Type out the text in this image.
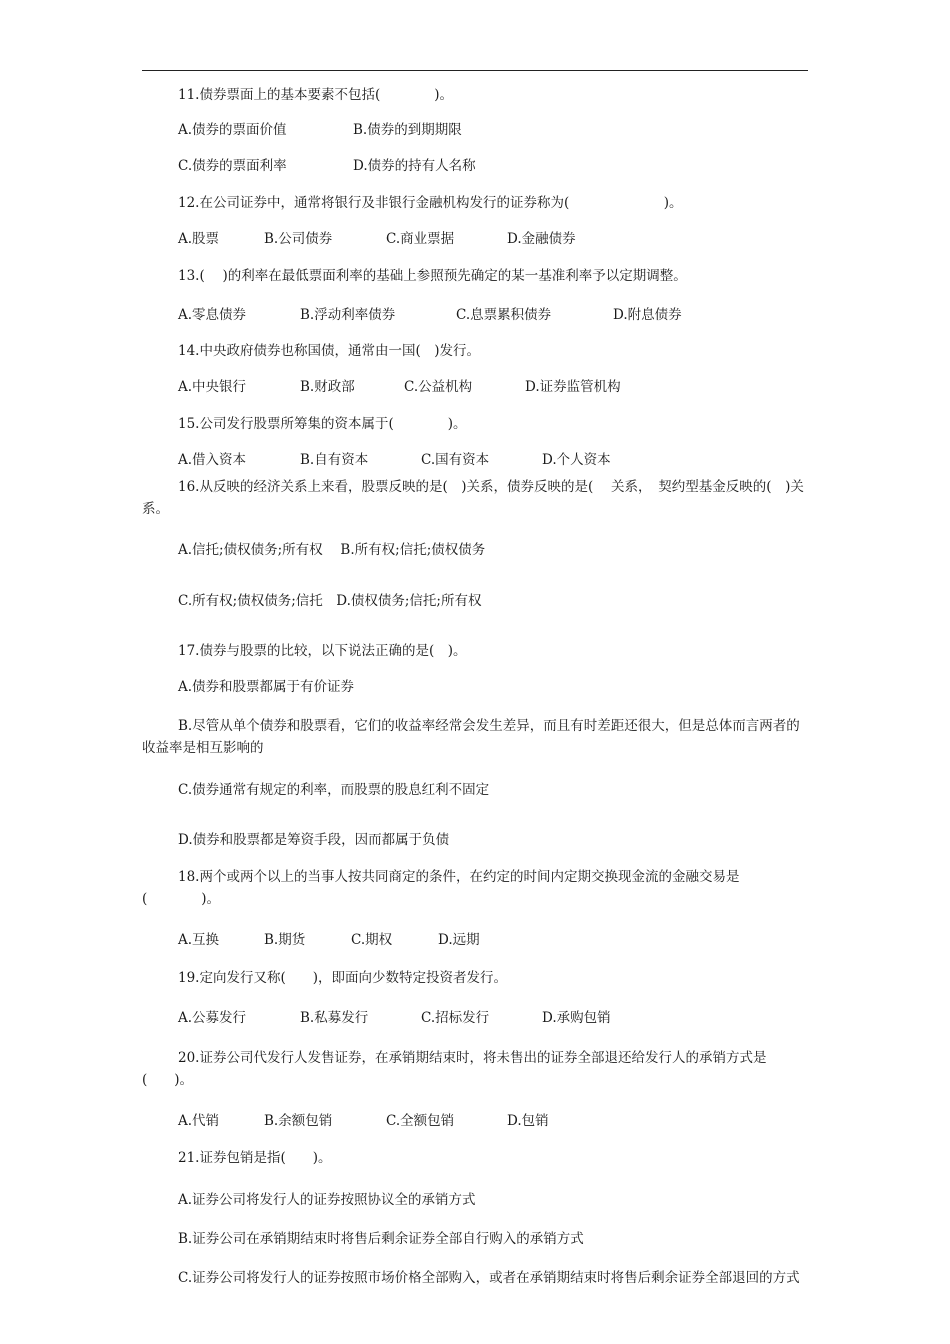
11.债券票面上的基本要素不包括(　　　　)。
A.债券的票面价值	B.债券的到期期限
C.债券的票面利率	D.债券的持有人名称
12.在公司证券中，通常将银行及非银行金融机构发行的证券称为(　　　　　　　)。
A.股票	B.公司债券	C.商业票据	D.金融债券
13.(　 )的利率在最低票面利率的基础上参照预先确定的某一基准利率予以定期调整。
A.零息债券	B.浮动利率债券	C.息票累积债券	D.附息债券
14.中央政府债券也称国债，通常由一国(　)发行。
A.中央银行	B.财政部	C.公益机构	D.证券监管机构
15.公司发行股票所筹集的资本属于(　　　　)。
A.借入资本	B.自有资本	C.国有资本	D.个人资本
16.从反映的经济关系上来看，股票反映的是(　)关系，债券反映的是(　 关系，　契约型基金反映的(　)关系。
A.信托;债权债务;所有权　 B.所有权;信托;债权债务
C.所有权;债权债务;信托　D.债权债务;信托;所有权
17.债券与股票的比较，以下说法正确的是(　)。
A.债券和股票都属于有价证券
B.尽管从单个债券和股票看，它们的收益率经常会发生差异，而且有时差距还很大，但是总体而言两者的收益率是相互影响的
C.债券通常有规定的利率，而股票的股息红利不固定
D.债券和股票都是筹资手段，因而都属于负债
18.两个或两个以上的当事人按共同商定的条件，在约定的时间内定期交换现金流的金融交易是(　　　　)。
A.互换	B.期货	C.期权	D.远期
19.定向发行又称(　　)，即面向少数特定投资者发行。
A.公募发行	B.私募发行	C.招标发行	D.承购包销
20.证券公司代发行人发售证券，在承销期结束时，将未售出的证券全部退还给发行人的承销方式是(　　)。
A.代销	B.余额包销	C.全额包销	D.包销
21.证券包销是指(　　)。
A.证券公司将发行人的证券按照协议全的承销方式
B.证券公司在承销期结束时将售后剩余证券全部自行购入的承销方式
C.证券公司将发行人的证券按照市场价格全部购入，或者在承销期结束时将售后剩余证券全部退回的方式
